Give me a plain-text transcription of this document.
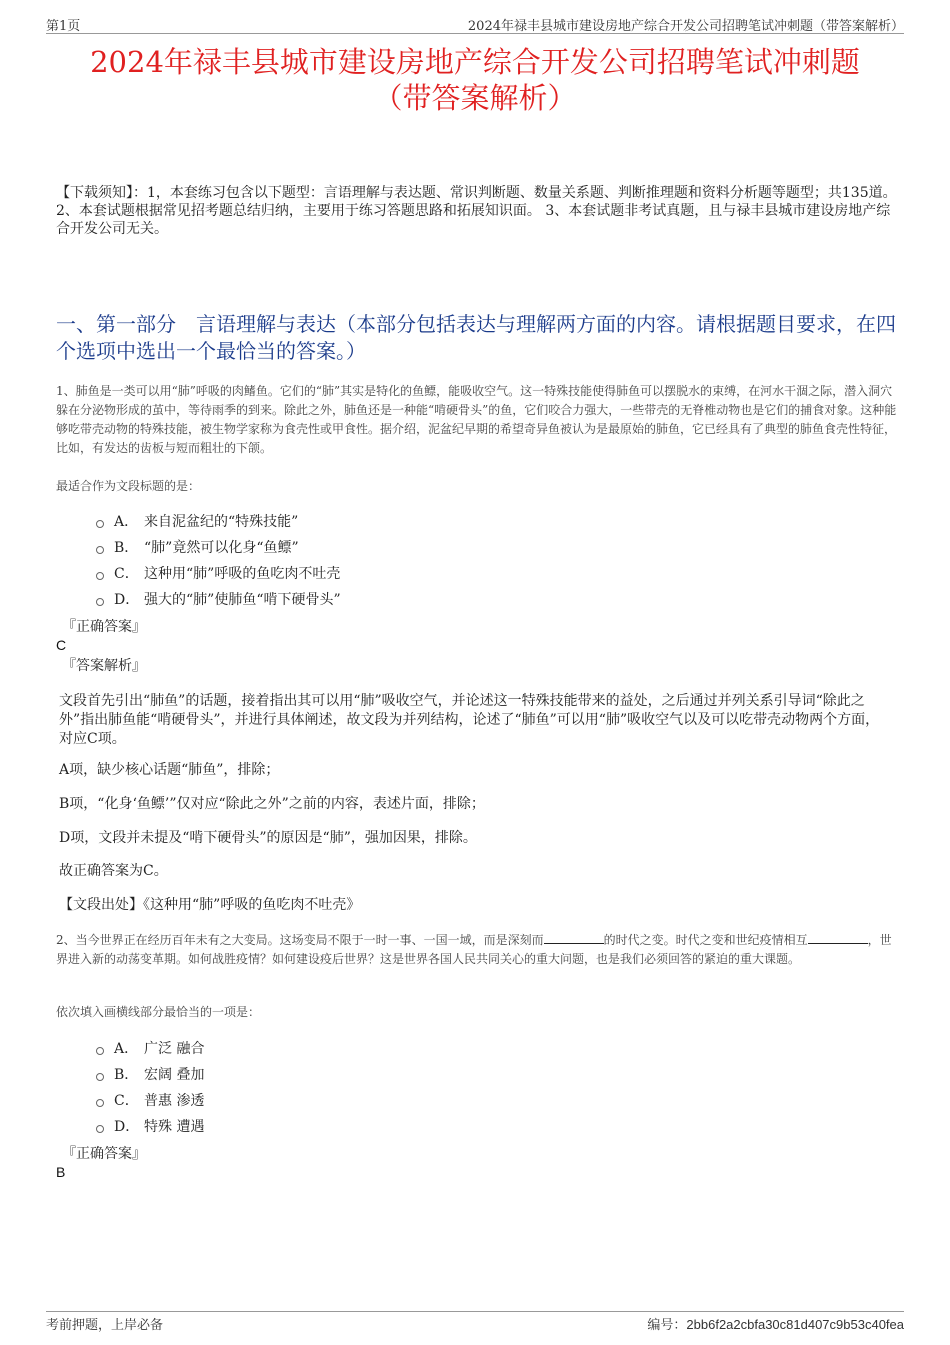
第1页	2024年禄丰县城市建设房地产综合开发公司招聘笔试冲刺题（带答案解析）
2024年禄丰县城市建设房地产综合开发公司招聘笔试冲刺题
（带答案解析）
【下载须知】：1，本套练习包含以下题型：言语理解与表达题、常识判断题、数量关系题、判断推理题和资料分析题等题型；共135道。 2、本套试题根据常见招考题总结归纳，主要用于练习答题思路和拓展知识面。 3、本套试题非考试真题，且与禄丰县城市建设房地产综合开发公司无关。
一、第一部分　言语理解与表达（本部分包括表达与理解两方面的内容。请根据题目要求，在四个选项中选出一个最恰当的答案。）
1、肺鱼是一类可以用“肺”呼吸的肉鳍鱼。它们的“肺”其实是特化的鱼鳔，能吸收空气。这一特殊技能使得肺鱼可以摆脱水的束缚，在河水干涸之际，潜入洞穴躲在分泌物形成的茧中，等待雨季的到来。除此之外，肺鱼还是一种能“啃硬骨头”的鱼，它们咬合力强大，一些带壳的无脊椎动物也是它们的捕食对象。这种能够吃带壳动物的特殊技能，被生物学家称为食壳性或甲食性。据介绍，泥盆纪早期的希望奇异鱼被认为是最原始的肺鱼，它已经具有了典型的肺鱼食壳性特征，比如，有发达的齿板与短而粗壮的下颌。
最适合作为文段标题的是：
A． 来自泥盆纪的“特殊技能”
B． “肺”竟然可以化身“鱼鳔”
C． 这种用“肺”呼吸的鱼吃肉不吐壳
D． 强大的“肺”使肺鱼“啃下硬骨头”
『正确答案』
C
『答案解析』
文段首先引出“肺鱼”的话题，接着指出其可以用“肺”吸收空气，并论述这一特殊技能带来的益处，之后通过并列关系引导词“除此之外”指出肺鱼能“啃硬骨头”，并进行具体阐述，故文段为并列结构，论述了“肺鱼”可以用“肺”吸收空气以及可以吃带壳动物两个方面，对应C项。
A项，缺少核心话题“肺鱼”，排除；
B项，“化身‘鱼鳔’”仅对应“除此之外”之前的内容，表述片面，排除；
D项，文段并未提及“啃下硬骨头”的原因是“肺”，强加因果，排除。
故正确答案为C。
【文段出处】《这种用“肺”呼吸的鱼吃肉不吐壳》
2、当今世界正在经历百年未有之大变局。这场变局不限于一时一事、一国一域，而是深刻而	的时代之变。时代之变和世纪疫情相互	，世界进入新的动荡变革期。如何战胜疫情？如何建设疫后世界？这是世界各国人民共同关心的重大问题，也是我们必须回答的紧迫的重大课题。
依次填入画横线部分最恰当的一项是：
A． 广泛 融合
B． 宏阔 叠加
C． 普惠 渗透
D． 特殊 遭遇
『正确答案』
B
考前押题，上岸必备	编号：2bb6f2a2cbfa30c81d407c9b53c40fea
